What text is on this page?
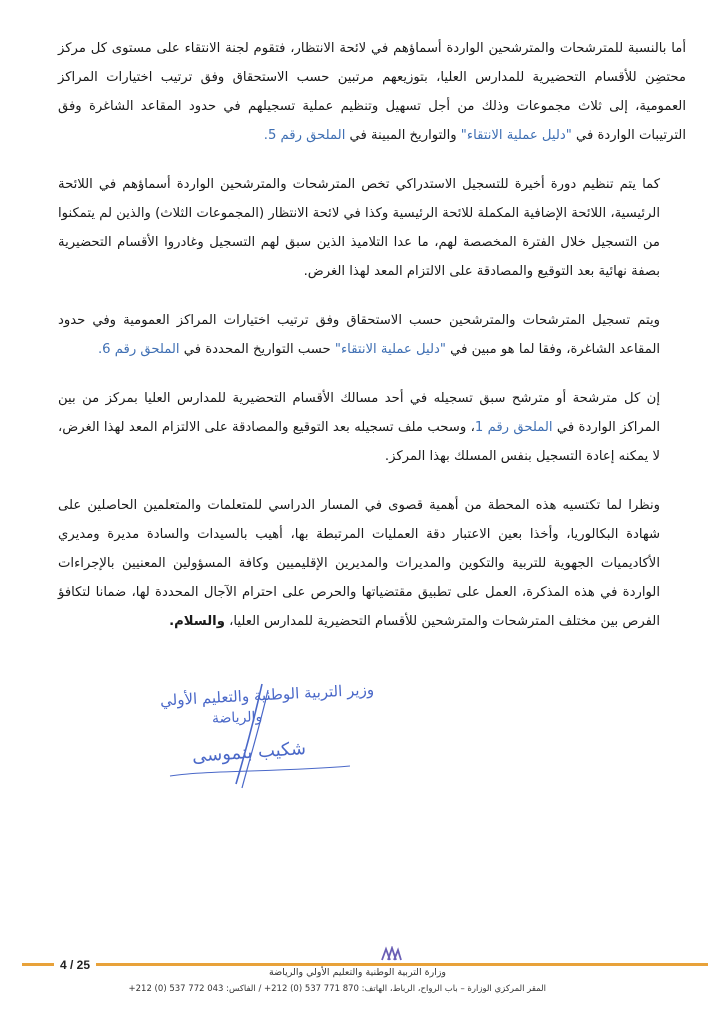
أما بالنسبة للمترشحات والمترشحين الواردة أسماؤهم في لائحة الانتظار، فتقوم لجنة الانتقاء على مستوى كل مركز محتضِن للأقسام التحضيرية للمدارس العليا، بتوزيعهم مرتبين حسب الاستحقاق وفق ترتيب اختيارات المراكز العمومية، إلى ثلاث مجموعات وذلك من أجل تسهيل وتنظيم عملية تسجيلهم في حدود المقاعد الشاغرة وفق الترتيبات الواردة في "دليل عملية الانتقاء" والتواريخ المبينة في الملحق رقم 5.

كما يتم تنظيم دورة أخيرة للتسجيل الاستدراكي تخص المترشحات والمترشحين الواردة أسماؤهم في اللائحة الرئيسية، اللائحة الإضافية المكملة للائحة الرئيسية وكذا في لائحة الانتظار (المجموعات الثلاث) والذين لم يتمكنوا من التسجيل خلال الفترة المخصصة لهم، ما عدا التلاميذ الذين سبق لهم التسجيل وغادروا الأقسام التحضيرية بصفة نهائية بعد التوقيع والمصادقة على الالتزام المعد لهذا الغرض.

ويتم تسجيل المترشحات والمترشحين حسب الاستحقاق وفق ترتيب اختيارات المراكز العمومية وفي حدود المقاعد الشاغرة، وفقا لما هو مبين في "دليل عملية الانتقاء" حسب التواريخ المحددة في الملحق رقم 6.

إن كل مترشحة أو مترشح سبق تسجيله في أحد مسالك الأقسام التحضيرية للمدارس العليا بمركز من بين المراكز الواردة في الملحق رقم 1، وسحب ملف تسجيله بعد التوقيع والمصادقة على الالتزام المعد لهذا الغرض، لا يمكنه إعادة التسجيل بنفس المسلك بهذا المركز.

ونظرا لما تكتسيه هذه المحطة من أهمية قصوى في المسار الدراسي للمتعلمات والمتعلمين الحاصلين على شهادة البكالوريا، وأخذا بعين الاعتبار دقة العمليات المرتبطة بها، أهيب بالسيدات والسادة مديرة ومديري الأكاديميات الجهوية للتربية والتكوين والمديرات والمديرين الإقليميين وكافة المسؤولين المعنيين بالإجراءات الواردة في هذه المذكرة، العمل على تطبيق مقتضياتها والحرص على احترام الآجال المحددة لها، ضمانا لتكافؤ الفرص بين مختلف المترشحات والمترشحين للأقسام التحضيرية للمدارس العليا، والسلام.

وزير التربية الوطنية والتعليم الأولي
والرياضة
شكيب بنموسى
4 / 25
وزارة التربية الوطنية والتعليم الأولي والرياضة
المقر المركزي الوزارة – باب الرواح، الرباط، الهاتف: 870 771 537 (0) 212+ / الفاكس: 043 772 537 (0) 212+
